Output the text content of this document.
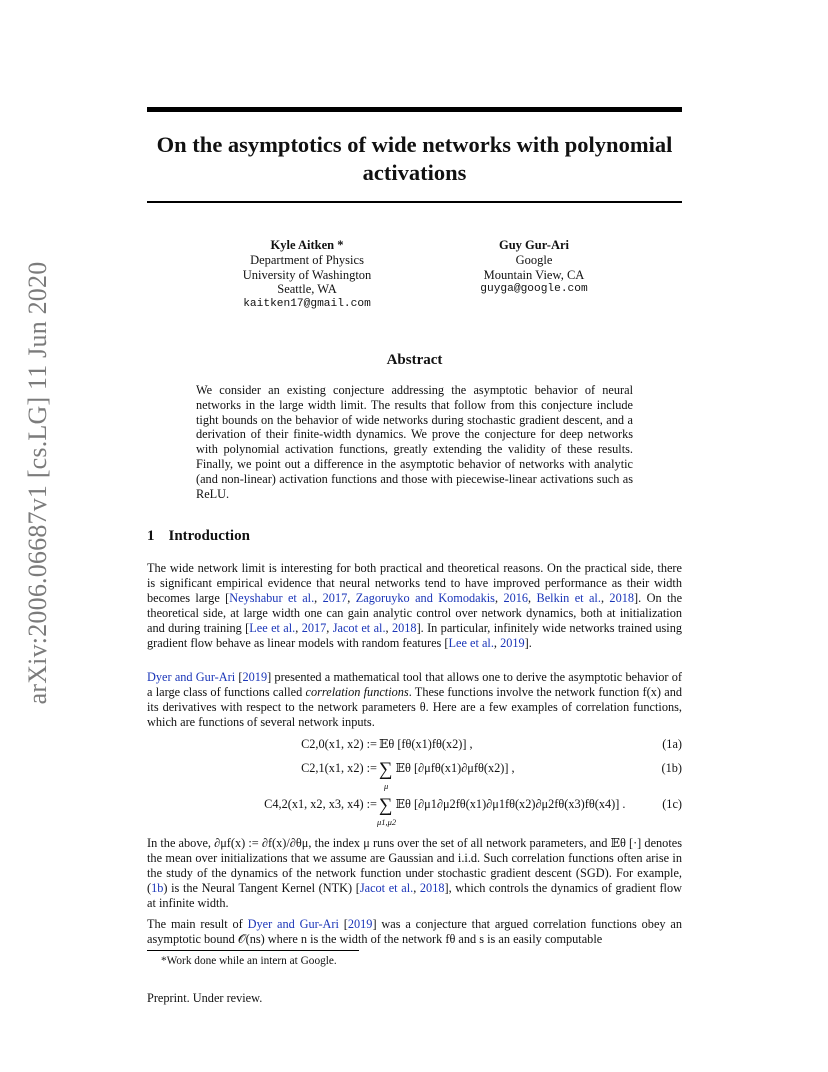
arXiv:2006.06687v1 [cs.LG] 11 Jun 2020
On the asymptotics of wide networks with polynomial activations
Kyle Aitken *
Department of Physics
University of Washington
Seattle, WA
kaitken17@gmail.com
Guy Gur-Ari
Google
Mountain View, CA
guyga@google.com
Abstract

We consider an existing conjecture addressing the asymptotic behavior of neural networks in the large width limit. The results that follow from this conjecture include tight bounds on the behavior of wide networks during stochastic gradient descent, and a derivation of their finite-width dynamics. We prove the conjecture for deep networks with polynomial activation functions, greatly extending the validity of these results. Finally, we point out a difference in the asymptotic behavior of networks with analytic (and non-linear) activation functions and those with piecewise-linear activations such as ReLU.

1 Introduction

The wide network limit is interesting for both practical and theoretical reasons. On the practical side, there is significant empirical evidence that neural networks tend to have improved performance as their width becomes large [Neyshabur et al., 2017, Zagoruyko and Komodakis, 2016, Belkin et al., 2018]. On the theoretical side, at large width one can gain analytic control over network dynamics, both at initialization and during training [Lee et al., 2017, Jacot et al., 2018]. In particular, infinitely wide networks trained using gradient flow behave as linear models with random features [Lee et al., 2019].

Dyer and Gur-Ari [2019] presented a mathematical tool that allows one to derive the asymptotic behavior of a large class of functions called correlation functions. These functions involve the network function f(x) and its derivatives with respect to the network parameters θ. Here are a few examples of correlation functions, which are functions of several network inputs.

C2,0(x1, x2) := 𝔼θ [fθ(x1)fθ(x2)] ,	(1a)
C2,1(x1, x2) := ∑ 𝔼θ [∂μfθ(x1)∂μfθ(x2)] ,
μ
(1b)
C4,2(x1, x2, x3, x4) := ∑ 𝔼θ [∂μ1∂μ2fθ(x1)∂μ1fθ(x2)∂μ2fθ(x3)fθ(x4)] .
μ1,μ2
(1c)

In the above, ∂μf(x) := ∂f(x)/∂θμ, the index μ runs over the set of all network parameters, and 𝔼θ [·] denotes the mean over initializations that we assume are Gaussian and i.i.d. Such correlation functions often arise in the study of the dynamics of the network function under stochastic gradient descent (SGD). For example, (1b) is the Neural Tangent Kernel (NTK) [Jacot et al., 2018], which controls the dynamics of gradient flow at infinite width.

The main result of Dyer and Gur-Ari [2019] was a conjecture that argued correlation functions obey an asymptotic bound 𝒪(ns) where n is the width of the network fθ and s is an easily computable

*Work done while an intern at Google.

Preprint. Under review.
